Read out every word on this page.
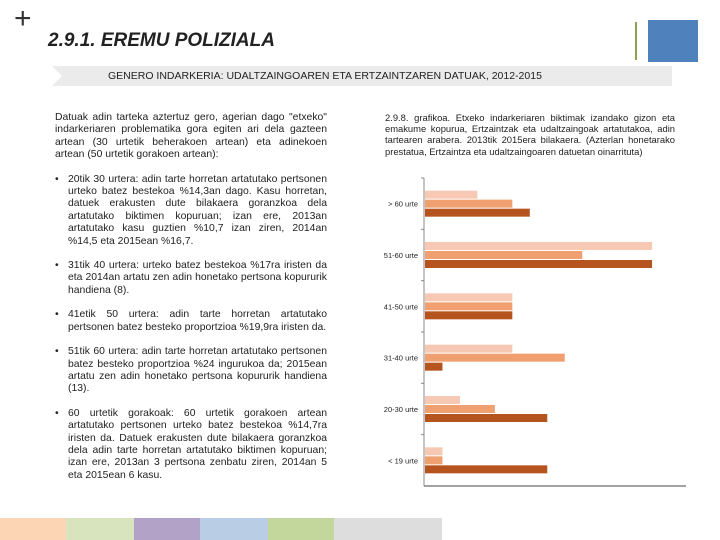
+
2.9.1. EREMU POLIZIALA
GENERO INDARKERIA: UDALTZAINGOAREN ETA ERTZAINTZAREN DATUAK, 2012-2015

Datuak adin tarteka aztertuz gero, agerian dago "etxeko" indarkeriaren problematika gora egiten ari dela gazteen artean (30 urtetik beherakoen artean) eta adinekoen artean (50 urtetik gorakoen artean):

• 20tik 30 urtera: adin tarte horretan artatutako pertsonen urteko batez bestekoa %14,3an dago. Kasu horretan, datuek erakusten dute bilakaera goranzkoa dela artatutako biktimen kopuruan; izan ere, 2013an artatutako kasu guztien %10,7 izan ziren, 2014an %14,5 eta 2015ean %16,7.
• 31tik 40 urtera: urteko batez bestekoa %17ra iristen da eta 2014an artatu zen adin honetako pertsona kopururik handiena (8).
• 41etik 50 urtera: adin tarte horretan artatutako pertsonen batez besteko proportzioa %19,9ra iristen da.
• 51tik 60 urtera: adin tarte horretan artatutako pertsonen batez besteko proportzioa %24 ingurukoa da; 2015ean artatu zen adin honetako pertsona kopururik handiena (13).
• 60 urtetik gorakoak: 60 urtetik gorakoen artean artatutako pertsonen urteko batez bestekoa %14,7ra iristen da. Datuek erakusten dute bilakaera goranzkoa dela adin tarte horretan artatutako biktimen kopuruan; izan ere, 2013an 3 pertsona zenbatu ziren, 2014an 5 eta 2015ean 6 kasu.
2.9.8. grafikoa. Etxeko indarkeriaren biktimak izandako gizon eta emakume kopurua, Ertzaintzak eta udaltzaingoak artatutakoa, adin tartearen arabera. 2013tik 2015era bilakaera. (Azterlan honetarako prestatua, Ertzaintza eta udaltzaingoaren datuetan oinarrituta)
> 60 urte
51-60 urte
41-50 urte
31-40 urte
20-30 urte
< 19 urte
